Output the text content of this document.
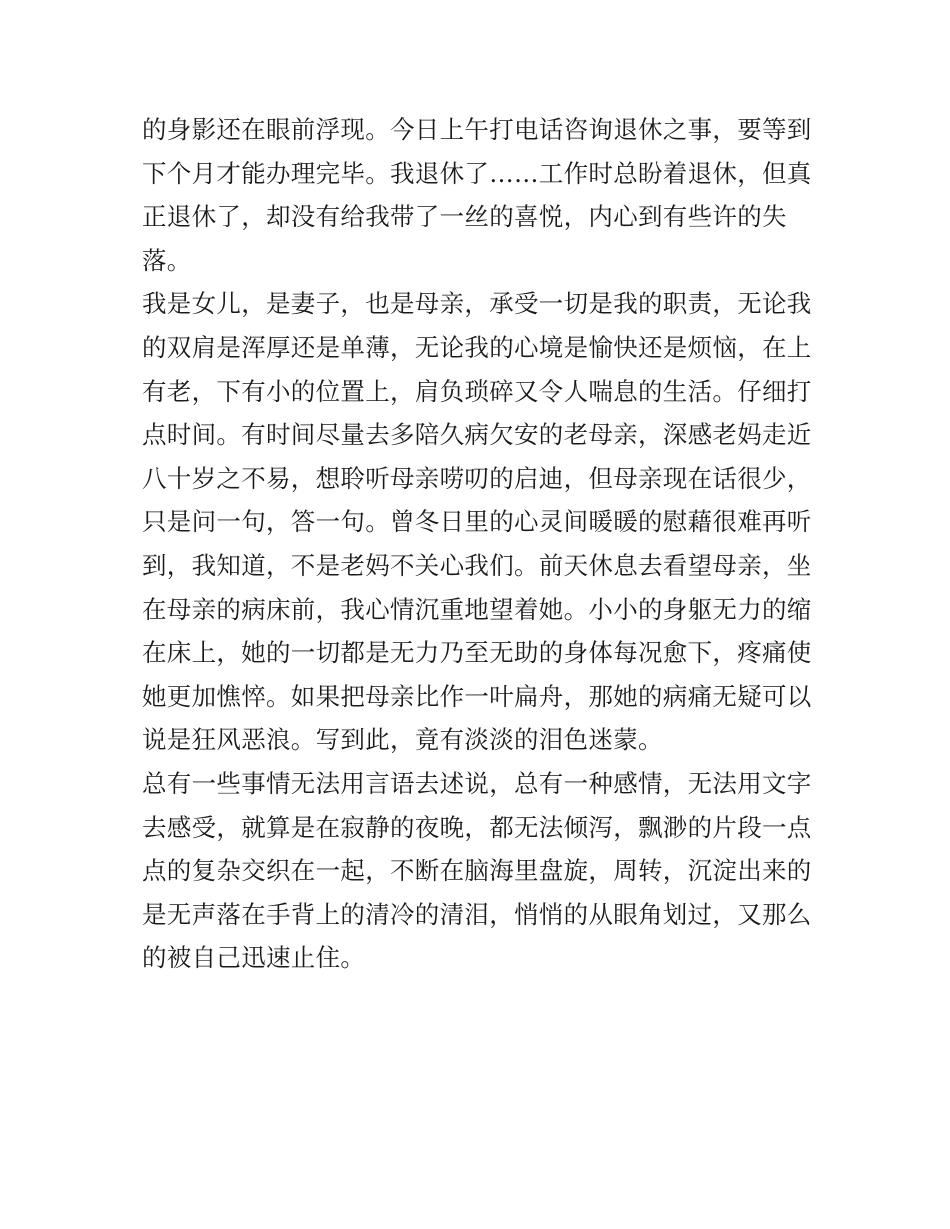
的身影还在眼前浮现。今日上午打电话咨询退休之事，要等到
下个月才能办理完毕。我退休了……工作时总盼着退休，但真
正退休了，却没有给我带了一丝的喜悦，内心到有些许的失
落。
我是女儿，是妻子，也是母亲，承受一切是我的职责，无论我
的双肩是浑厚还是单薄，无论我的心境是愉快还是烦恼，在上
有老，下有小的位置上，肩负琐碎又令人喘息的生活。仔细打
点时间。有时间尽量去多陪久病欠安的老母亲，深感老妈走近
八十岁之不易，想聆听母亲唠叨的启迪，但母亲现在话很少，
只是问一句，答一句。曾冬日里的心灵间暖暖的慰藉很难再听
到，我知道，不是老妈不关心我们。前天休息去看望母亲，坐
在母亲的病床前，我心情沉重地望着她。小小的身躯无力的缩
在床上，她的一切都是无力乃至无助的身体每况愈下，疼痛使
她更加憔悴。如果把母亲比作一叶扁舟，那她的病痛无疑可以
说是狂风恶浪。写到此，竟有淡淡的泪色迷蒙。
总有一些事情无法用言语去述说，总有一种感情，无法用文字
去感受，就算是在寂静的夜晚，都无法倾泻，飘渺的片段一点
点的复杂交织在一起，不断在脑海里盘旋，周转，沉淀出来的
是无声落在手背上的清冷的清泪，悄悄的从眼角划过，又那么
的被自己迅速止住。
